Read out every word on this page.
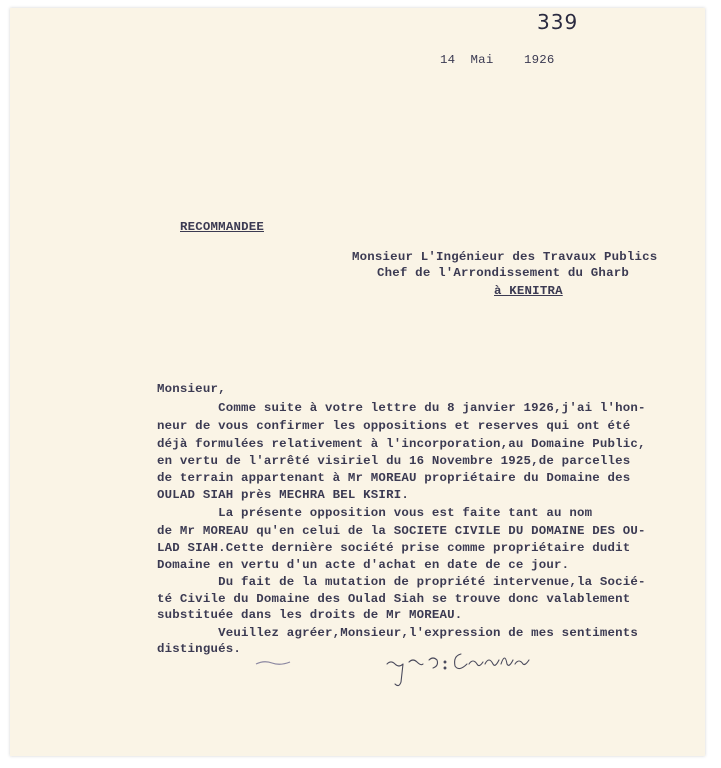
339
14  Mai    1926
RECOMMANDEE
Monsieur L'Ingénieur des Travaux Publics
Chef de l'Arrondissement du Gharb
à KENITRA
Monsieur,
Comme suite à votre lettre du 8 janvier 1926,j'ai l'hon-
neur de vous confirmer les oppositions et reserves qui ont été
déjà formulées relativement à l'incorporation,au Domaine Public,
en vertu de l'arrêté visiriel du 16 Novembre 1925,de parcelles
de terrain appartenant à Mr MOREAU propriétaire du Domaine des
OULAD SIAH près MECHRA BEL KSIRI.
La présente opposition vous est faite tant au nom
de Mr MOREAU qu'en celui de la SOCIETE CIVILE DU DOMAINE DES OU-
LAD SIAH.Cette dernière société prise comme propriétaire dudit
Domaine en vertu d'un acte d'achat en date de ce jour.
Du fait de la mutation de propriété intervenue,la Socié-
té Civile du Domaine des Oulad Siah se trouve donc valablement
substituée dans les droits de Mr MOREAU.
Veuillez agréer,Monsieur,l'expression de mes sentiments
distingués.
